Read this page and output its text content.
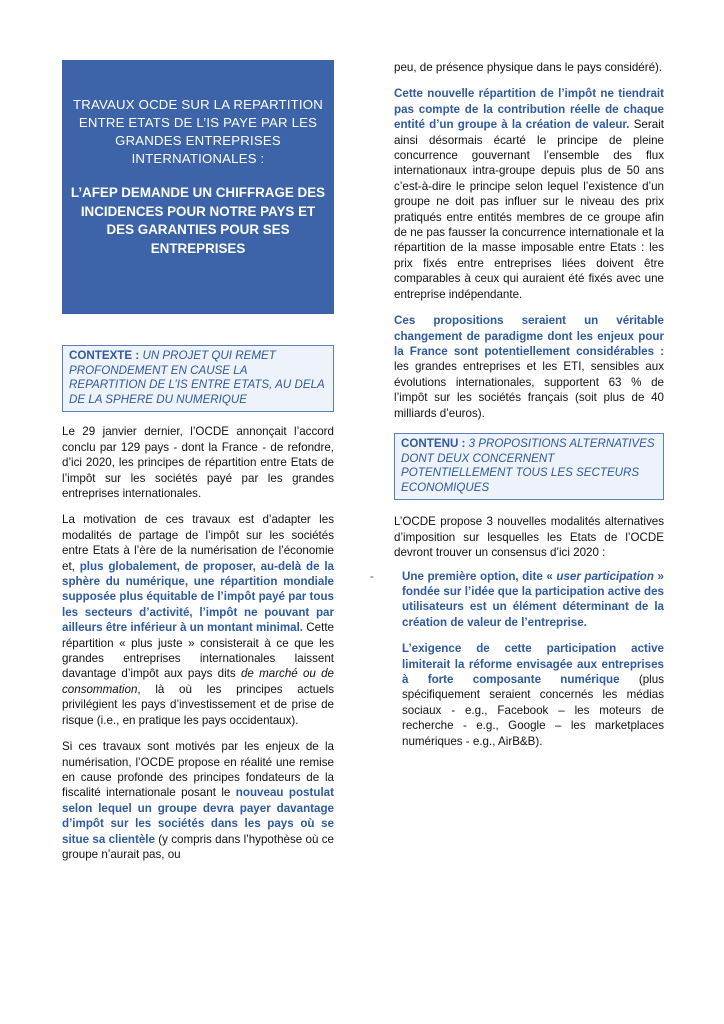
TRAVAUX OCDE SUR LA REPARTITION ENTRE ETATS DE L’IS PAYE PAR LES GRANDES ENTREPRISES INTERNATIONALES :
L’AFEP DEMANDE UN CHIFFRAGE DES INCIDENCES POUR NOTRE PAYS ET DES GARANTIES POUR SES ENTREPRISES
CONTEXTE : UN PROJET QUI REMET PROFONDEMENT EN CAUSE LA REPARTITION DE L’IS ENTRE ETATS, AU DELA DE LA SPHERE DU NUMERIQUE

Le 29 janvier dernier, l’OCDE annonçait l’accord conclu par 129 pays - dont la France - de refondre, d’ici 2020, les principes de répartition entre Etats de l’impôt sur les sociétés payé par les grandes entreprises internationales.

La motivation de ces travaux est d’adapter les modalités de partage de l’impôt sur les sociétés entre Etats à l’ère de la numérisation de l’économie et, plus globalement, de proposer, au-delà de la sphère du numérique, une répartition mondiale supposée plus équitable de l’impôt payé par tous les secteurs d’activité, l’impôt ne pouvant par ailleurs être inférieur à un montant minimal. Cette répartition « plus juste » consisterait à ce que les grandes entreprises internationales laissent davantage d’impôt aux pays dits de marché ou de consommation, là où les principes actuels privilégient les pays d’investissement et de prise de risque (i.e., en pratique les pays occidentaux).

Si ces travaux sont motivés par les enjeux de la numérisation, l’OCDE propose en réalité une remise en cause profonde des principes fondateurs de la fiscalité internationale posant le nouveau postulat selon lequel un groupe devra payer davantage d’impôt sur les sociétés dans les pays où se situe sa clientèle (y compris dans l’hypothèse où ce groupe n’aurait pas, ou

peu, de présence physique dans le pays considéré).

Cette nouvelle répartition de l’impôt ne tiendrait pas compte de la contribution réelle de chaque entité d’un groupe à la création de valeur. Serait ainsi désormais écarté le principe de pleine concurrence gouvernant l’ensemble des flux internationaux intra-groupe depuis plus de 50 ans c’est-à-dire le principe selon lequel l’existence d’un groupe ne doit pas influer sur le niveau des prix pratiqués entre entités membres de ce groupe afin de ne pas fausser la concurrence internationale et la répartition de la masse imposable entre Etats : les prix fixés entre entreprises liées doivent être comparables à ceux qui auraient été fixés avec une entreprise indépendante.

Ces propositions seraient un véritable changement de paradigme dont les enjeux pour la France sont potentiellement considérables : les grandes entreprises et les ETI, sensibles aux évolutions internationales, supportent 63 % de l’impôt sur les sociétés français (soit plus de 40 milliards d’euros).

CONTENU : 3 PROPOSITIONS ALTERNATIVES DONT DEUX CONCERNENT POTENTIELLEMENT TOUS LES SECTEURS ECONOMIQUES

L’OCDE propose 3 nouvelles modalités alternatives d’imposition sur lesquelles les Etats de l’OCDE devront trouver un consensus d’ici 2020 :

- Une première option, dite « user participation » fondée sur l’idée que la participation active des utilisateurs est un élément déterminant de la création de valeur de l’entreprise.

L’exigence de cette participation active limiterait la réforme envisagée aux entreprises à forte composante numérique (plus spécifiquement seraient concernés les médias sociaux - e.g., Facebook – les moteurs de recherche - e.g., Google – les marketplaces numériques - e.g., AirB&B).
